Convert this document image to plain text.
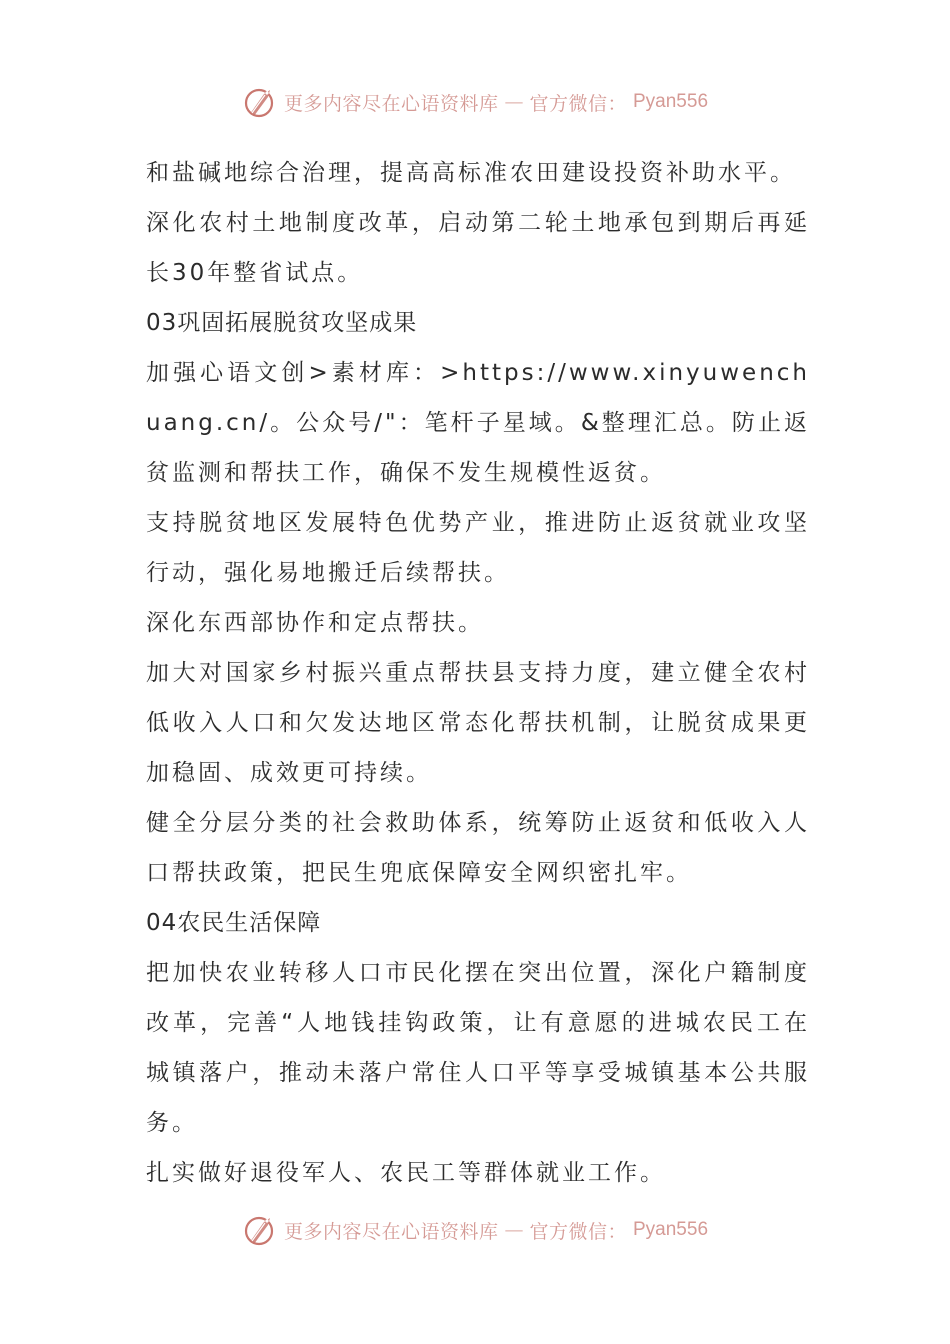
更多内容尽在心语资料库 — 官方微信： Pyan556

和盐碱地综合治理，提高高标准农田建设投资补助水平。

深化农村土地制度改革，启动第二轮土地承包到期后再延长30年整省试点。

03巩固拓展脱贫攻坚成果

加强心语文创>素材库：>https://www.xinyuwenchuang.cn/。公众号/"：笔杆子星域。&整理汇总。防止返贫监测和帮扶工作，确保不发生规模性返贫。

支持脱贫地区发展特色优势产业，推进防止返贫就业攻坚行动，强化易地搬迁后续帮扶。

深化东西部协作和定点帮扶。

加大对国家乡村振兴重点帮扶县支持力度，建立健全农村低收入人口和欠发达地区常态化帮扶机制，让脱贫成果更加稳固、成效更可持续。

健全分层分类的社会救助体系，统筹防止返贫和低收入人口帮扶政策，把民生兜底保障安全网织密扎牢。

04农民生活保障

把加快农业转移人口市民化摆在突出位置，深化户籍制度改革，完善“人地钱挂钩政策，让有意愿的进城农民工在城镇落户，推动未落户常住人口平等享受城镇基本公共服务。

扎实做好退役军人、农民工等群体就业工作。

更多内容尽在心语资料库 — 官方微信： Pyan556
